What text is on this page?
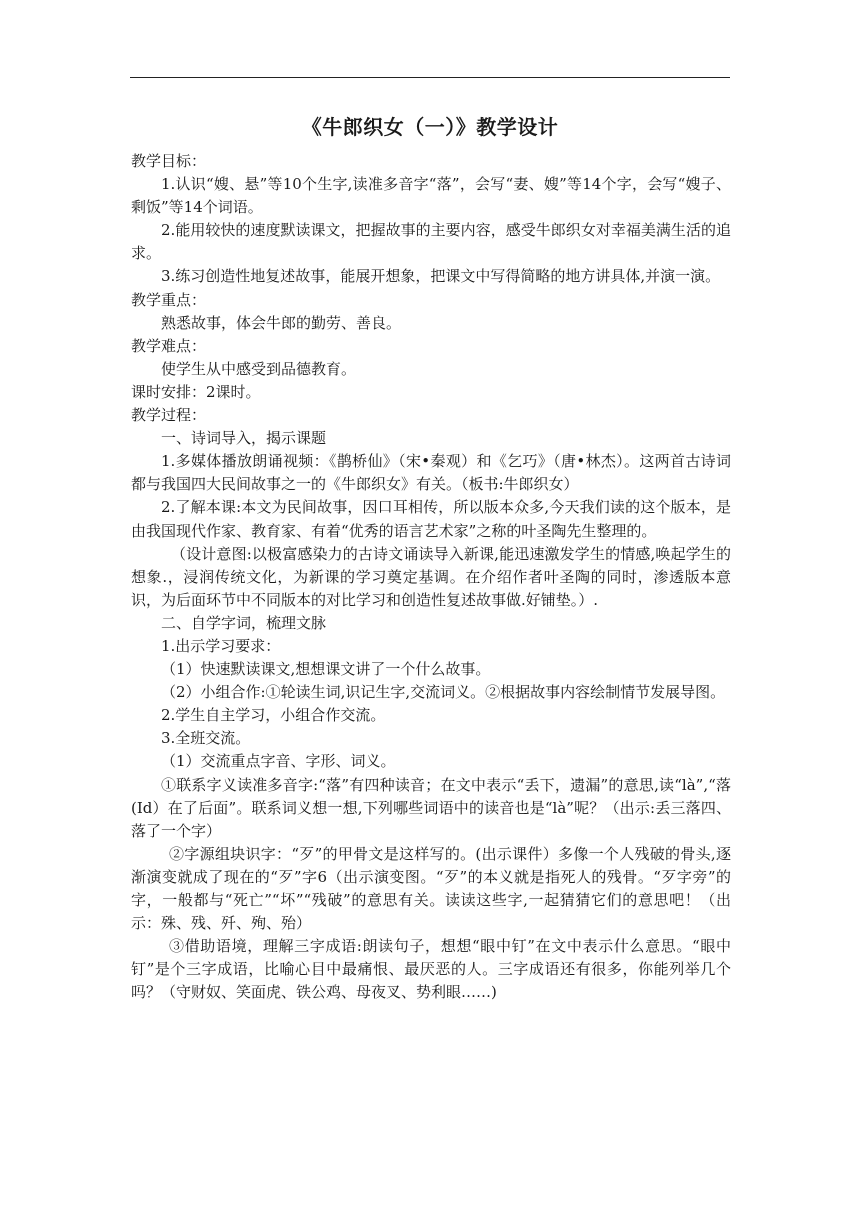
《牛郎织女（一）》教学设计

教学目标：

1.认识“嫂、悬”等10个生字,读准多音字“落”，会写“妻、嫂”等14个字，会写“嫂子、剩饭”等14个词语。

2.能用较快的速度默读课文，把握故事的主要内容，感受牛郎织女对幸福美满生活的追求。

3.练习创造性地复述故事，能展开想象，把课文中写得简略的地方讲具体,并演一演。

教学重点：

熟悉故事，体会牛郎的勤劳、善良。

教学难点：

使学生从中感受到品德教育。

课时安排：2课时。

教学过程：

一、诗词导入，揭示课题

1.多媒体播放朗诵视频：《鹊桥仙》（宋•秦观）和《乞巧》（唐•林杰）。这两首古诗词都与我国四大民间故事之一的《牛郎织女》有关。（板书:牛郎织女）

2.了解本课:本文为民间故事，因口耳相传，所以版本众多,今天我们读的这个版本，是由我国现代作家、教育家、有着“优秀的语言艺术家”之称的叶圣陶先生整理的。

（设计意图:以极富感染力的古诗文诵读导入新课,能迅速激发学生的情感,唤起学生的想象.，浸润传统文化，为新课的学习奠定基调。在介绍作者叶圣陶的同时，渗透版本意识，为后面环节中不同版本的对比学习和创造性复述故事做.好铺垫。）.

二、自学字词，梳理文脉

1.出示学习要求：

（1）快速默读课文,想想课文讲了一个什么故事。

（2）小组合作:①轮读生词,识记生字,交流词义。②根据故事内容绘制情节发展导图。

2.学生自主学习，小组合作交流。

3.全班交流。

（1）交流重点字音、字形、词义。

①联系字义读准多音字:“落”有四种读音；在文中表示“丢下，遗漏”的意思,读“là”,“落(Id）在了后面”。联系词义想一想,下列哪些词语中的读音也是“là”呢？（出示:丢三落四、落了一个字）

②字源组块识字：“歹”的甲骨文是这样写的。(出示课件）多像一个人残破的骨头,逐渐演变就成了现在的“歹”字6（出示演变图。“歹”的本义就是指死人的残骨。“歹字旁”的字，一般都与“死亡”“坏”“残破”的意思有关。读读这些字,一起猜猜它们的意思吧！（出示：殊、残、歼、殉、殆）

③借助语境，理解三字成语:朗读句子，想想“眼中钉”在文中表示什么意思。“眼中钉”是个三字成语，比喻心目中最痛恨、最厌恶的人。三字成语还有很多，你能列举几个吗？（守财奴、笑面虎、铁公鸡、母夜叉、势利眼……)
